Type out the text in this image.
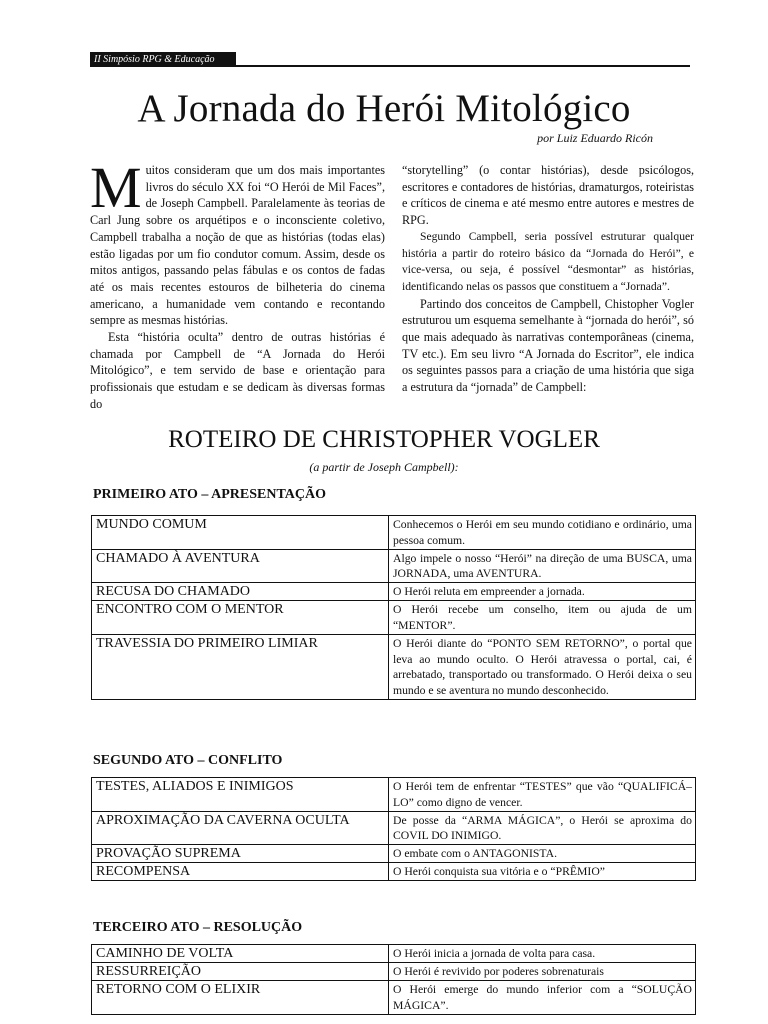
II Simpósio RPG & Educação
A Jornada do Herói Mitológico
por Luiz Eduardo Ricón

Muitos consideram que um dos mais importantes livros do século XX foi “O Herói de Mil Faces”, de Joseph Campbell. Paralelamente às teorias de Carl Jung sobre os arquétipos e o inconsciente coletivo, Campbell trabalha a noção de que as histórias (todas elas) estão ligadas por um fio condutor comum. Assim, desde os mitos antigos, passando pelas fábulas e os contos de fadas até os mais recentes estouros de bilheteria do cinema americano, a humanidade vem contando e recontando sempre as mesmas histórias.

Esta “história oculta” dentro de outras histórias é chamada por Campbell de “A Jornada do Herói Mitológico”, e tem servido de base e orientação para profissionais que estudam e se dedicam às diversas formas do

“storytelling” (o contar histórias), desde psicólogos, escritores e contadores de histórias, dramaturgos, roteiristas e críticos de cinema e até mesmo entre autores e mestres de RPG.

Segundo Campbell, seria possível estruturar qualquer história a partir do roteiro básico da “Jornada do Herói”, e vice-versa, ou seja, é possível “desmontar” as histórias, identificando nelas os passos que constituem a “Jornada”.

Partindo dos conceitos de Campbell, Chistopher Vogler estruturou um esquema semelhante à “jornada do herói”, só que mais adequado às narrativas contemporâneas (cinema, TV etc.). Em seu livro “A Jornada do Escritor”, ele indica os seguintes passos para a criação de uma história que siga a estrutura da “jornada” de Campbell:

ROTEIRO DE CHRISTOPHER VOGLER
(a partir de Joseph Campbell):
PRIMEIRO ATO – APRESENTAÇÃO
MUNDO COMUM	Conhecemos o Herói em seu mundo cotidiano e ordinário, uma pessoa comum.
CHAMADO À AVENTURA	Algo impele o nosso “Herói” na direção de uma BUSCA, uma JORNADA, uma AVENTURA.
RECUSA DO CHAMADO	O Herói reluta em empreender a jornada.
ENCONTRO COM O MENTOR	O Herói recebe um conselho, item ou ajuda de um “MENTOR”.
TRAVESSIA DO PRIMEIRO LIMIAR	O Herói diante do “PONTO SEM RETORNO”, o portal que leva ao mundo oculto. O Herói atravessa o portal, cai, é arrebatado, transportado ou transformado. O Herói deixa o seu mundo e se aventura no mundo desconhecido.
SEGUNDO ATO – CONFLITO
TESTES, ALIADOS E INIMIGOS	O Herói tem de enfrentar “TESTES” que vão “QUALIFICÁ–LO” como digno de vencer.
APROXIMAÇÃO DA CAVERNA OCULTA	De posse da “ARMA MÁGICA”, o Herói se aproxima do COVIL DO INIMIGO.
PROVAÇÃO SUPREMA	O embate com o ANTAGONISTA.
RECOMPENSA	O Herói conquista sua vitória e o “PRÊMIO”
TERCEIRO ATO – RESOLUÇÃO
CAMINHO DE VOLTA	O Herói inicia a jornada de volta para casa.
RESSURREIÇÃO	O Herói é revivido por poderes sobrenaturais
RETORNO COM O ELIXIR	O Herói emerge do mundo inferior com a “SOLUÇÃO MÁGICA”.
